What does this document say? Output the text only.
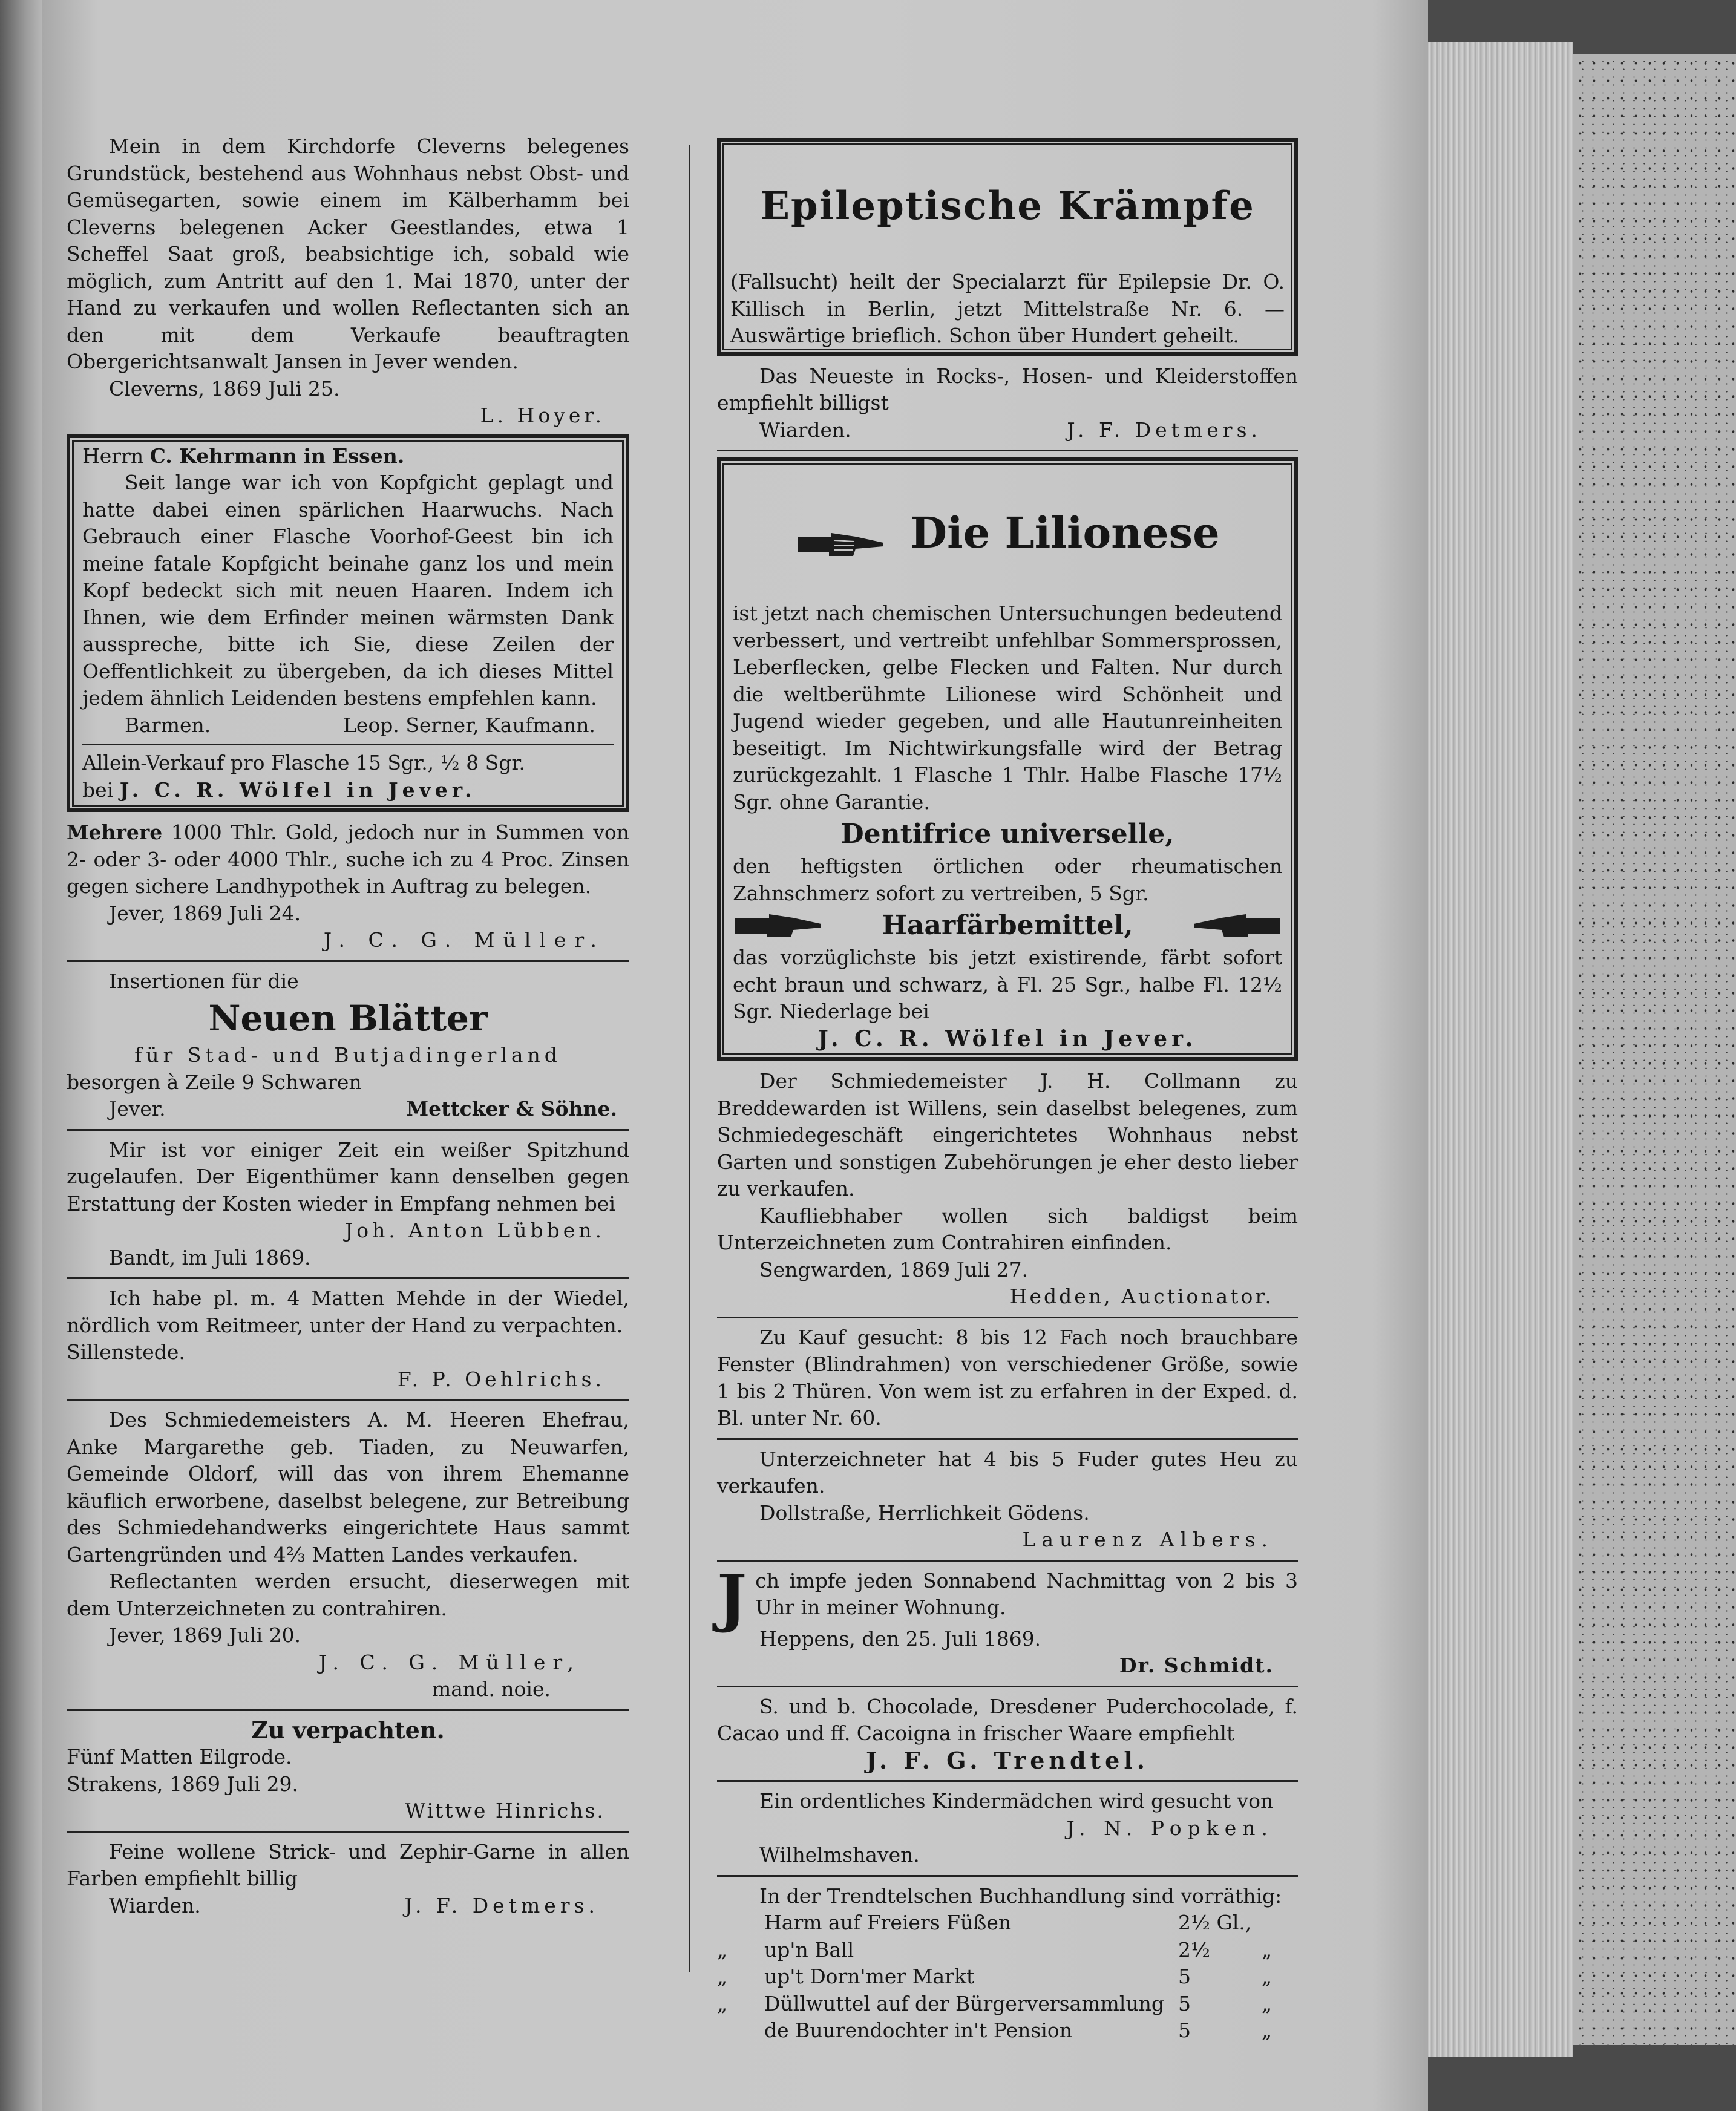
Mein in dem Kirchdorfe Cleverns belegenes Grundstück, bestehend aus Wohnhaus nebst Obst- und Gemüsegarten, sowie einem im Kälberhamm bei Cleverns belegenen Acker Geestlandes, etwa 1 Scheffel Saat groß, beabsichtige ich, sobald wie möglich, zum Antritt auf den 1. Mai 1870, unter der Hand zu verkaufen und wollen Reflectanten sich an den mit dem Verkaufe beauftragten Obergerichtsanwalt Jansen in Jever wenden.

Cleverns, 1869 Juli 25.

L. Hoyer.

Herrn C. Kehrmann in Essen.

Seit lange war ich von Kopfgicht geplagt und hatte dabei einen spärlichen Haarwuchs. Nach Gebrauch einer Flasche Voorhof-Geest bin ich meine fatale Kopfgicht beinahe ganz los und mein Kopf bedeckt sich mit neuen Haaren. Indem ich Ihnen, wie dem Erfinder meinen wärmsten Dank ausspreche, bitte ich Sie, diese Zeilen der Oeffentlichkeit zu übergeben, da ich dieses Mittel jedem ähnlich Leidenden bestens empfehlen kann.

Barmen.	Leop. Serner, Kaufmann.

Allein-Verkauf pro Flasche 15 Sgr., ½ 8 Sgr.

bei J. C. R. Wölfel in Jever.

Mehrere 1000 Thlr. Gold, jedoch nur in Summen von 2- oder 3- oder 4000 Thlr., suche ich zu 4 Proc. Zinsen gegen sichere Landhypothek in Auftrag zu belegen.

Jever, 1869 Juli 24.

J. C. G. Müller.

Insertionen für die

Neuen Blätter

für Stad- und Butjadingerland

besorgen à Zeile 9 Schwaren

Jever.	Mettcker & Söhne.

Mir ist vor einiger Zeit ein weißer Spitzhund zugelaufen. Der Eigenthümer kann denselben gegen Erstattung der Kosten wieder in Empfang nehmen bei

Joh. Anton Lübben.

Bandt, im Juli 1869.

Ich habe pl. m. 4 Matten Mehde in der Wiedel, nördlich vom Reitmeer, unter der Hand zu verpachten.

Sillenstede.

F. P. Oehlrichs.

Des Schmiedemeisters A. M. Heeren Ehefrau, Anke Margarethe geb. Tiaden, zu Neuwarfen, Gemeinde Oldorf, will das von ihrem Ehemanne käuflich erworbene, daselbst belegene, zur Betreibung des Schmiedehandwerks eingerichtete Haus sammt Gartengründen und 4⅔ Matten Landes verkaufen.

Reflectanten werden ersucht, dieserwegen mit dem Unterzeichneten zu contrahiren.

Jever, 1869 Juli 20.

J. C. G. Müller,

mand. noie.

Zu verpachten.

Fünf Matten Eilgrode.

Strakens, 1869 Juli 29.

Wittwe Hinrichs.

Feine wollene Strick- und Zephir-Garne in allen Farben empfiehlt billig

Wiarden.	J. F. Detmers.

Epileptische Krämpfe

(Fallsucht) heilt der Specialarzt für Epilepsie Dr. O. Killisch in Berlin, jetzt Mittelstraße Nr. 6. — Auswärtige brieflich. Schon über Hundert geheilt.

Das Neueste in Rocks-, Hosen- und Kleiderstoffen empfiehlt billigst

Wiarden.	J. F. Detmers.

Die Lilionese

ist jetzt nach chemischen Untersuchungen bedeutend verbessert, und vertreibt unfehlbar Sommersprossen, Leberflecken, gelbe Flecken und Falten. Nur durch die weltberühmte Lilionese wird Schönheit und Jugend wieder gegeben, und alle Hautunreinheiten beseitigt. Im Nichtwirkungsfalle wird der Betrag zurückgezahlt. 1 Flasche 1 Thlr. Halbe Flasche 17½ Sgr. ohne Garantie.

Dentifrice universelle,

den heftigsten örtlichen oder rheumatischen Zahnschmerz sofort zu vertreiben, 5 Sgr.

Haarfärbemittel,

das vorzüglichste bis jetzt existirende, färbt sofort echt braun und schwarz, à Fl. 25 Sgr., halbe Fl. 12½ Sgr. Niederlage bei

J. C. R. Wölfel in Jever.

Der Schmiedemeister J. H. Collmann zu Breddewarden ist Willens, sein daselbst belegenes, zum Schmiedegeschäft eingerichtetes Wohnhaus nebst Garten und sonstigen Zubehörungen je eher desto lieber zu verkaufen.

Kaufliebhaber wollen sich baldigst beim Unterzeichneten zum Contrahiren einfinden.

Sengwarden, 1869 Juli 27.

Hedden, Auctionator.

Zu Kauf gesucht: 8 bis 12 Fach noch brauchbare Fenster (Blindrahmen) von verschiedener Größe, sowie 1 bis 2 Thüren. Von wem ist zu erfahren in der Exped. d. Bl. unter Nr. 60.

Unterzeichneter hat 4 bis 5 Fuder gutes Heu zu verkaufen.

Dollstraße, Herrlichkeit Gödens.

Laurenz Albers.

J ch impfe jeden Sonnabend Nachmittag von 2 bis 3 Uhr in meiner Wohnung.

Heppens, den 25. Juli 1869.

Dr. Schmidt.

S. und b. Chocolade, Dresdener Puderchocolade, f. Cacao und ff. Cacoigna in frischer Waare empfiehlt

J. F. G. Trendtel.

Ein ordentliches Kindermädchen wird gesucht von

J. N. Popken.

Wilhelmshaven.

In der Trendtelschen Buchhandlung sind vorräthig:

Harm auf Freiers Füßen	2½ Gl.,
„	up'n Ball	2½	„
„	up't Dorn'mer Markt	5	„
„	Düllwuttel auf der Bürgerversammlung 5	„
de Buurendochter in't Pension	5	„
